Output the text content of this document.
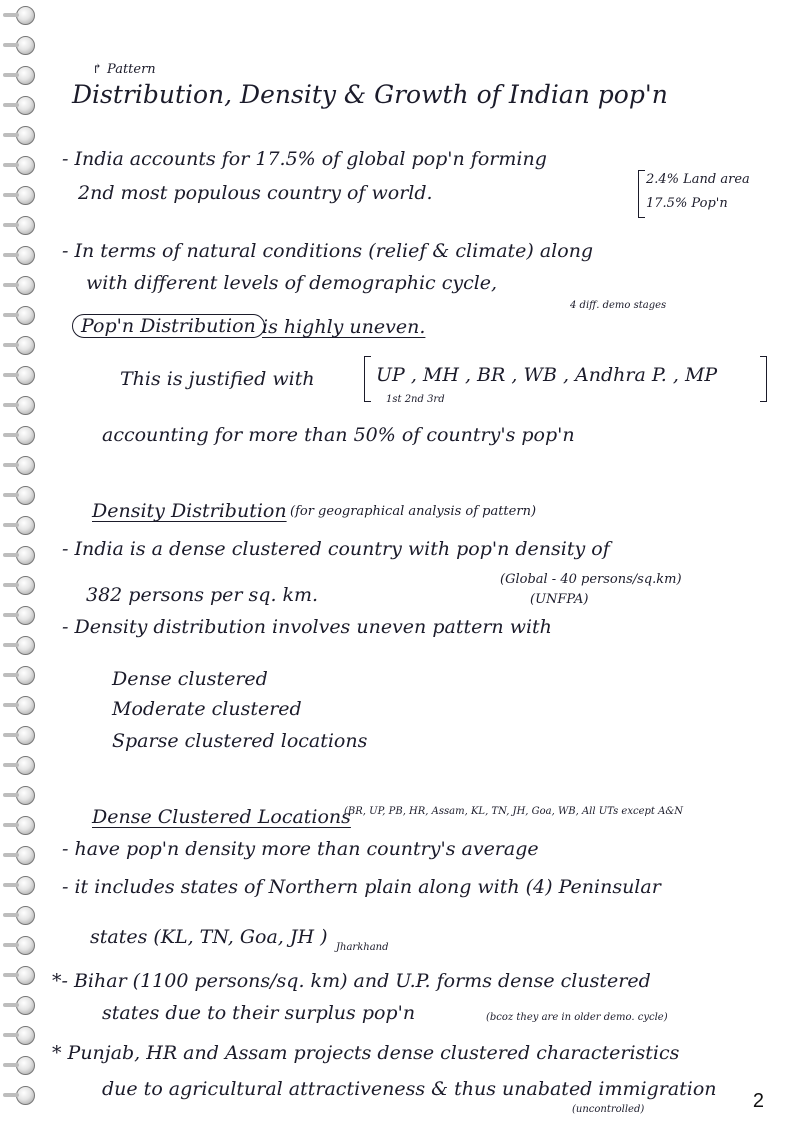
↱ Pattern
Distribution, Density & Growth of Indian pop'n
- India accounts for 17.5% of global pop'n forming
2nd most populous country of world.
2.4% Land area
17.5% Pop'n
- In terms of natural conditions (relief & climate) along
with different levels of demographic cycle,
4 diff. demo stages
Pop'n Distribution is highly uneven.
This is justified with	UP , MH , BR , WB , Andhra P. , MP
1st 2nd 3rd
accounting for more than 50% of country's pop'n
Density Distribution (for geographical analysis of pattern)
- India is a dense clustered country with pop'n density of
382 persons per sq. km.
(Global - 40 persons/sq.km)
(UNFPA)
- Density distribution involves uneven pattern with
Dense clustered
Moderate clustered
Sparse clustered locations
Dense Clustered Locations
(BR, UP, PB, HR, Assam, KL, TN, JH, Goa, WB, All UTs except A&N
- have pop'n density more than country's average
- it includes states of Northern plain along with (4) Peninsular
states (KL, TN, Goa, JH ) Jharkhand
*- Bihar (1100 persons/sq. km) and U.P. forms dense clustered
states due to their surplus pop'n	(bcoz they are in older demo. cycle)
* Punjab, HR and Assam projects dense clustered characteristics
due to agricultural attractiveness & thus unabated immigration
(uncontrolled)	2
